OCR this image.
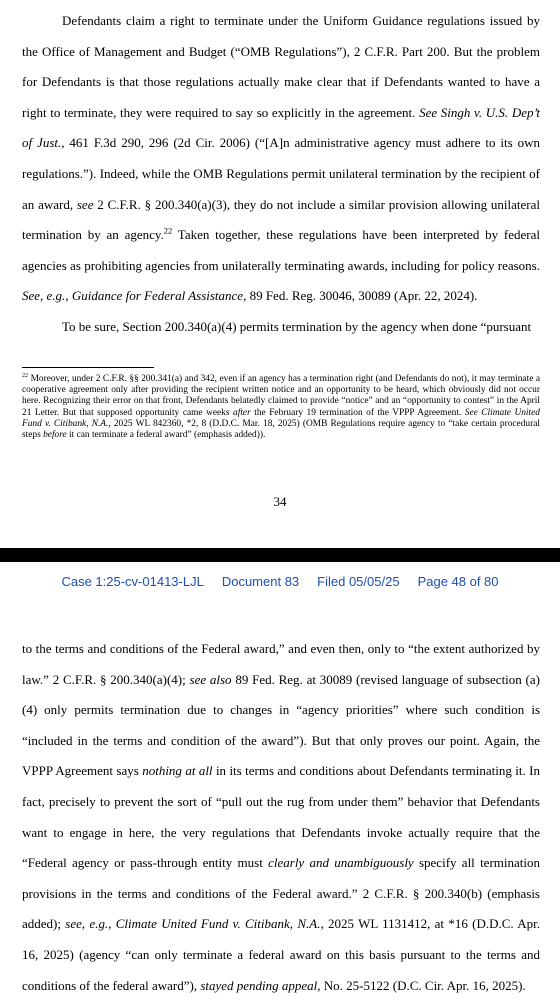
Defendants claim a right to terminate under the Uniform Guidance regulations issued by the Office of Management and Budget (“OMB Regulations”), 2 C.F.R. Part 200. But the problem for Defendants is that those regulations actually make clear that if Defendants wanted to have a right to terminate, they were required to say so explicitly in the agreement. See Singh v. U.S. Dep’t of Just., 461 F.3d 290, 296 (2d Cir. 2006) (“[A]n administrative agency must adhere to its own regulations.”). Indeed, while the OMB Regulations permit unilateral termination by the recipient of an award, see 2 C.F.R. § 200.340(a)(3), they do not include a similar provision allowing unilateral termination by an agency.$^{22}$ Taken together, these regulations have been interpreted by federal agencies as prohibiting agencies from unilaterally terminating awards, including for policy reasons. See, e.g., Guidance for Federal Assistance, 89 Fed. Reg. 30046, 30089 (Apr. 22, 2024).

To be sure, Section 200.340(a)(4) permits termination by the agency when done “pursuant

$^{22}$ Moreover, under 2 C.F.R. §§ 200.341(a) and 342, even if an agency has a termination right (and Defendants do not), it may terminate a cooperative agreement only after providing the recipient written notice and an opportunity to be heard, which obviously did not occur here. Recognizing their error on that front, Defendants belatedly claimed to provide “notice” and an “opportunity to contest” in the April 21 Letter. But that supposed opportunity came weeks after the February 19 termination of the VPPP Agreement. See Climate United Fund v. Citibank, N.A., 2025 WL 842360, *2, 8 (D.D.C. Mar. 18, 2025) (OMB Regulations require agency to “take certain procedural steps before it can terminate a federal award” (emphasis added)).
34
Case 1:25-cv-01413-LJL Document 83 Filed 05/05/25 Page 48 of 80

to the terms and conditions of the Federal award,” and even then, only to “the extent authorized by law.” 2 C.F.R. § 200.340(a)(4); see also 89 Fed. Reg. at 30089 (revised language of subsection (a)(4) only permits termination due to changes in “agency priorities” where such condition is “included in the terms and condition of the award”). But that only proves our point. Again, the VPPP Agreement says nothing at all in its terms and conditions about Defendants terminating it. In fact, precisely to prevent the sort of “pull out the rug from under them” behavior that Defendants want to engage in here, the very regulations that Defendants invoke actually require that the “Federal agency or pass-through entity must clearly and unambiguously specify all termination provisions in the terms and conditions of the Federal award.” 2 C.F.R. § 200.340(b) (emphasis added); see, e.g., Climate United Fund v. Citibank, N.A., 2025 WL 1131412, at *16 (D.D.C. Apr. 16, 2025) (agency “can only terminate a federal award on this basis pursuant to the terms and conditions of the federal award”), stayed pending appeal, No. 25-5122 (D.C. Cir. Apr. 16, 2025).
